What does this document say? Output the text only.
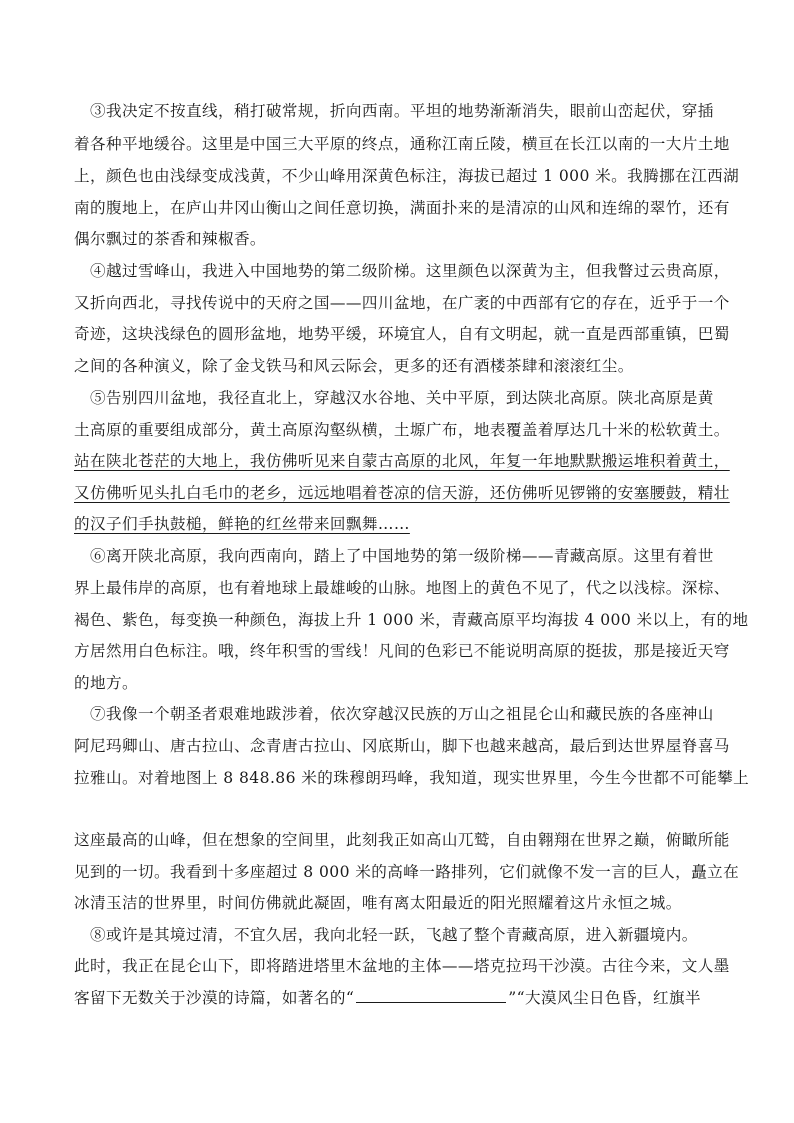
③我决定不按直线，稍打破常规，折向西南。平坦的地势渐渐消失，眼前山峦起伏，穿插
着各种平地缓谷。这里是中国三大平原的终点，通称江南丘陵，横亘在长江以南的一大片土地
上，颜色也由浅绿变成浅黄，不少山峰用深黄色标注，海拔已超过 1 000 米。我腾挪在江西湖
南的腹地上，在庐山井冈山衡山之间任意切换，满面扑来的是清凉的山风和连绵的翠竹，还有
偶尔飘过的茶香和辣椒香。
④越过雪峰山，我进入中国地势的第二级阶梯。这里颜色以深黄为主，但我瞥过云贵高原，
又折向西北，寻找传说中的天府之国——四川盆地，在广袤的中西部有它的存在，近乎于一个
奇迹，这块浅绿色的圆形盆地，地势平缓，环境宜人，自有文明起，就一直是西部重镇，巴蜀
之间的各种演义，除了金戈铁马和风云际会，更多的还有酒楼茶肆和滚滚红尘。
⑤告别四川盆地，我径直北上，穿越汉水谷地、关中平原，到达陕北高原。陕北高原是黄
土高原的重要组成部分，黄土高原沟壑纵横，土塬广布，地表覆盖着厚达几十米的松软黄土。
站在陕北苍茫的大地上，我仿佛听见来自蒙古高原的北风，年复一年地默默搬运堆积着黄土，
又仿佛听见头扎白毛巾的老乡，远远地唱着苍凉的信天游，还仿佛听见锣锵的安塞腰鼓，精壮
的汉子们手执鼓槌，鲜艳的红丝带来回飘舞……
⑥离开陕北高原，我向西南向，踏上了中国地势的第一级阶梯——青藏高原。这里有着世
界上最伟岸的高原，也有着地球上最雄峻的山脉。地图上的黄色不见了，代之以浅棕。深棕、
褐色、紫色，每变换一种颜色，海拔上升 1 000 米，青藏高原平均海拔 4 000 米以上，有的地
方居然用白色标注。哦，终年积雪的雪线！凡间的色彩已不能说明高原的挺拔，那是接近天穹
的地方。
⑦我像一个朝圣者艰难地跋涉着，依次穿越汉民族的万山之祖昆仑山和藏民族的各座神山
阿尼玛卿山、唐古拉山、念青唐古拉山、冈底斯山，脚下也越来越高，最后到达世界屋脊喜马
拉雅山。对着地图上 8 848.86 米的珠穆朗玛峰，我知道，现实世界里，今生今世都不可能攀上
这座最高的山峰，但在想象的空间里，此刻我正如高山兀鹫，自由翱翔在世界之巅，俯瞰所能
见到的一切。我看到十多座超过 8 000 米的高峰一路排列，它们就像不发一言的巨人，矗立在
冰清玉洁的世界里，时间仿佛就此凝固，唯有离太阳最近的阳光照耀着这片永恒之城。
⑧或许是其境过清，不宜久居，我向北轻一跃，飞越了整个青藏高原，进入新疆境内。
此时，我正在昆仑山下，即将踏进塔里木盆地的主体——塔克拉玛干沙漠。古往今来，文人墨
客留下无数关于沙漠的诗篇，如著名的“	”“大漠风尘日色昏，红旗半
